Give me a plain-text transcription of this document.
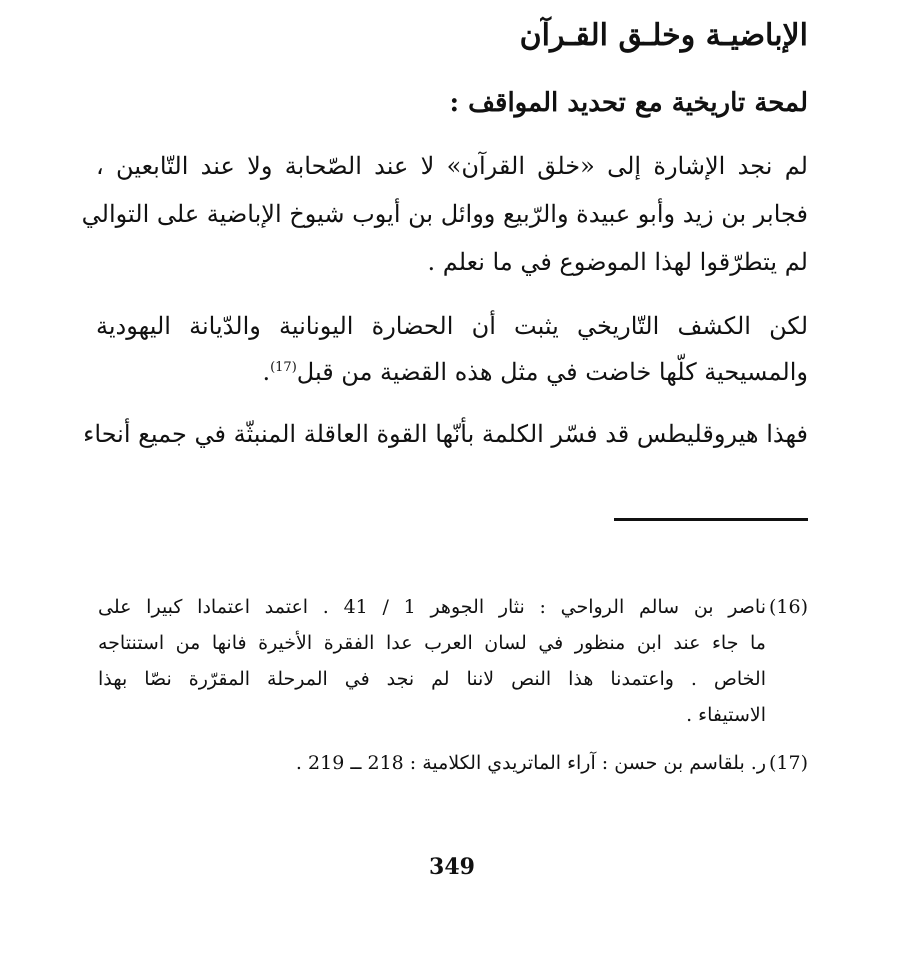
الإباضيـة وخلـق القـرآن
لمحة تاريخية مع تحديد المواقف :
لم نجد الإشارة إلى «خلق القرآن» لا عند الصّحابة ولا عند التّابعين ،
فجابر بن زيد وأبو عبيدة والرّبيع ووائل بن أيوب شيوخ الإباضية على التوالي
لم يتطرّقوا لهذا الموضوع في ما نعلم .
لكن الكشف التّاريخي يثبت أن الحضارة اليونانية والدّيانة اليهودية
والمسيحية كلّها خاضت في مثل هذه القضية من قبل$^{(17)}$.
فهذا هيروقليطس قد فسّر الكلمة بأنّها القوة العاقلة المنبثّة في جميع أنحاء
(16)
ناصر بن سالم الرواحي : نثار الجوهر 1 / 41 . اعتمد اعتمادا كبيرا على
ما جاء عند ابن منظور في لسان العرب عدا الفقرة الأخيرة فانها من استنتاجه
الخاص . واعتمدنا هذا النص لاننا لم نجد في المرحلة المقرّرة نصّا بهذا
الاستيفاء .
(17)
ر. بلقاسم بن حسن : آراء الماتريدي الكلامية : 218 ــ 219 .
349
